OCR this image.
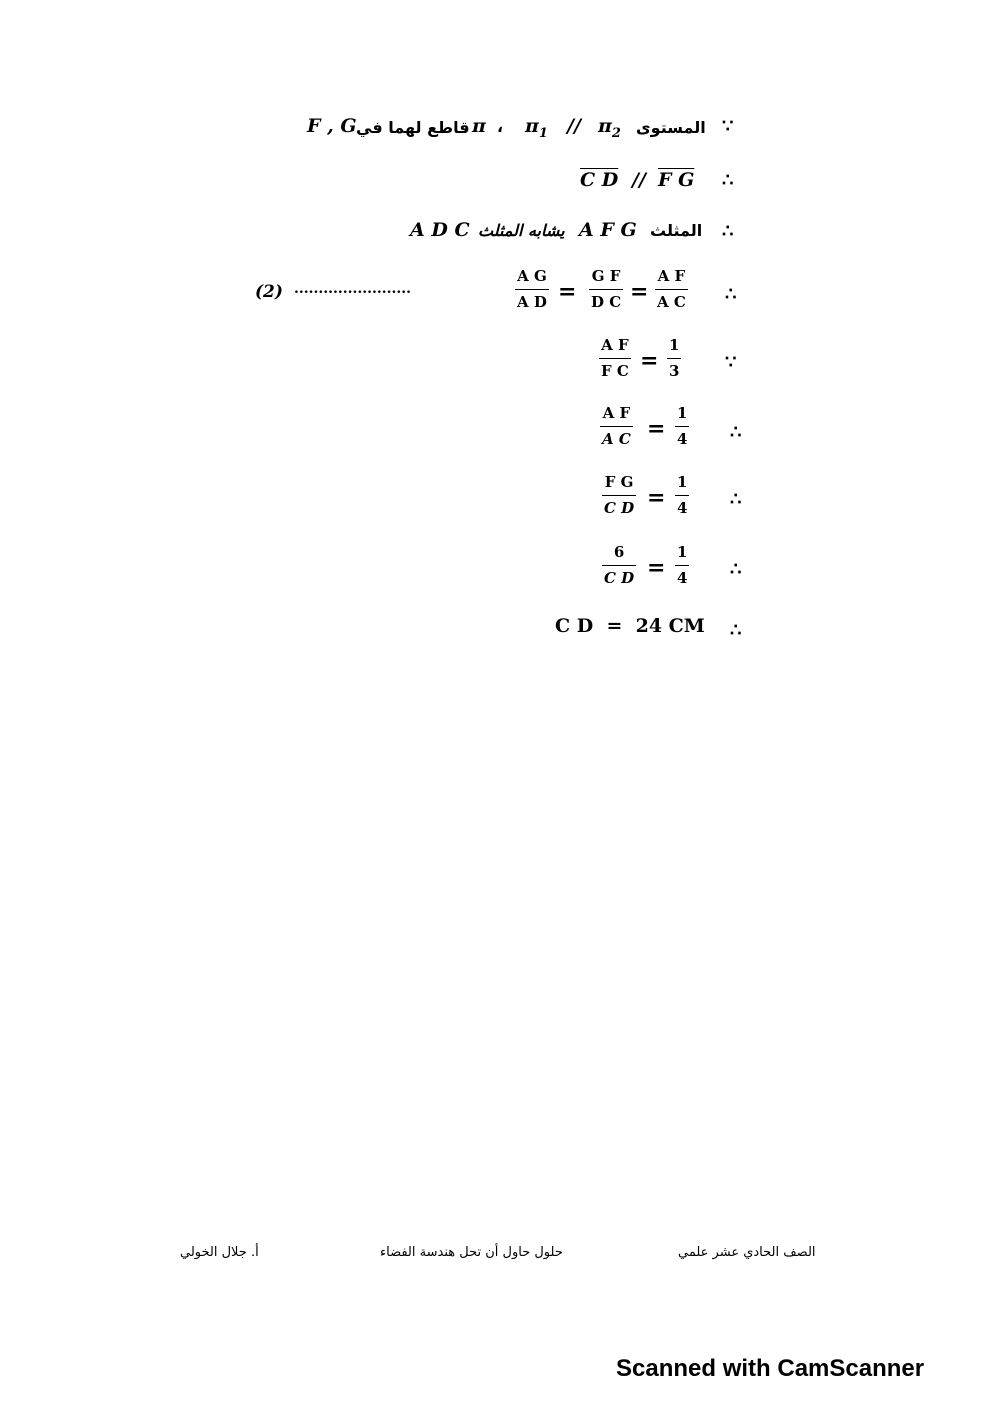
∵
المستوى
$\pi_2$
//
$\pi_1$
،
π
قاطع لهما في
F , G
∴
F G
//
C D
∴
المثلث
A F G
يشابه المثلث
A D C
∴
$\frac{\text{A F}}{\text{A C}}$
=
$\frac{\text{G F}}{\text{D C}}$
=
$\frac{\text{A G}}{\text{A D}}$
........................
(2)
∵
$\frac{1}{3}$
=
$\frac{\text{A F}}{\text{F C}}$
∴
$\frac{1}{4}$
=
$\frac{\text{A F}}{\text{A C}}$
∴
$\frac{1}{4}$
=
$\frac{\text{F G}}{\text{C D}}$
∴
$\frac{1}{4}$
=
$\frac{6}{\text{C D}}$
∴
C D  =  24 CM
الصف الحادي عشر علمي
حلول حاول أن تحل هندسة الفضاء
أ. جلال الخولي
Scanned with CamScanner
